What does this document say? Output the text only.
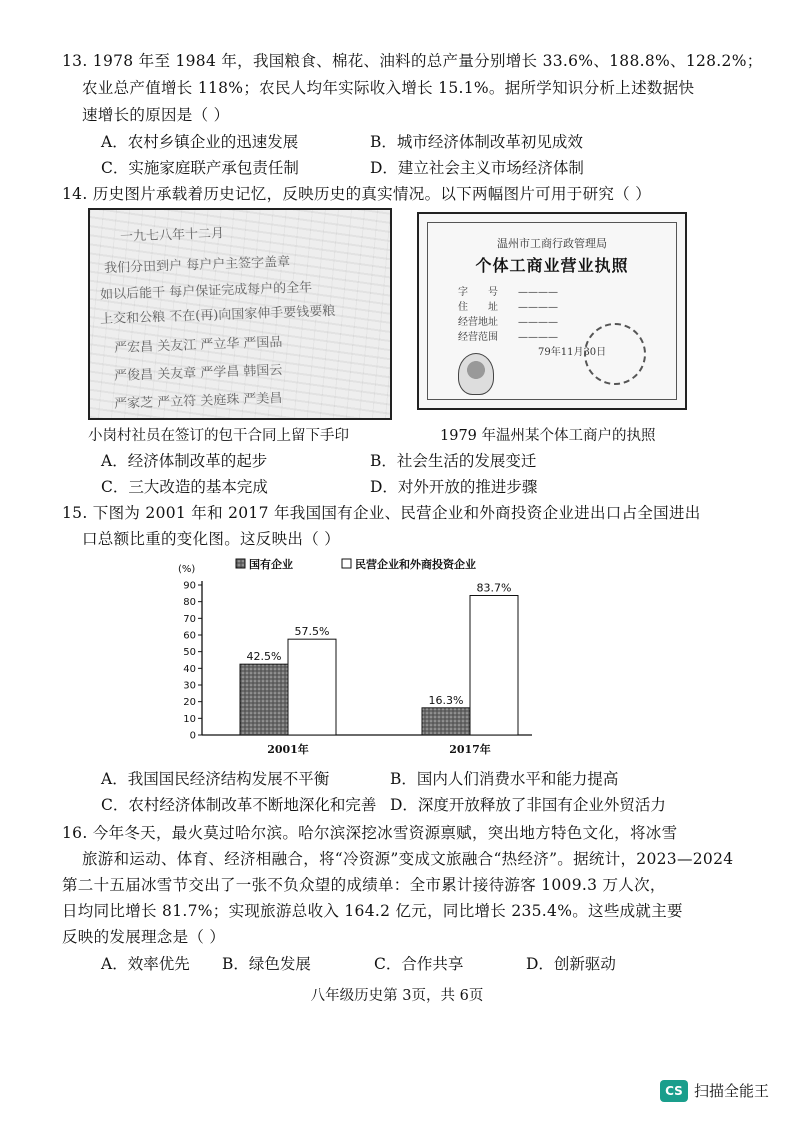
13. 1978 年至 1984 年，我国粮食、棉花、油料的总产量分别增长 33.6%、188.8%、128.2%；
农业总产值增长 118%；农民人均年实际收入增长 15.1%。据所学知识分析上述数据快
速增长的原因是（ ）
A．农村乡镇企业的迅速发展	B．城市经济体制改革初见成效
C．实施家庭联产承包责任制	D．建立社会主义市场经济体制
14. 历史图片承载着历史记忆，反映历史的真实情况。以下两幅图片可用于研究（ ）
一九七八年十二月
我们分田到户 每户户主签字盖章
如以后能干 每户保证完成每户的全年
上交和公粮 不在(再)向国家伸手要钱要粮
严宏昌 关友江 严立华 严国品
严俊昌 关友章 严学昌 韩国云
严家芝 严立符 关庭珠 严美昌
温州市工商行政管理局
个体工商业营业执照
字　　号　　————
住　　址　　————
经营地址　　————
经营范围　　————
79年11月30日
小岗村社员在签订的包干合同上留下手印	1979 年温州某个体工商户的执照
A．经济体制改革的起步	B．社会生活的发展变迁
C．三大改造的基本完成	D．对外开放的推进步骤
15. 下图为 2001 年和 2017 年我国国有企业、民营企业和外商投资企业进出口占全国进出
口总额比重的变化图。这反映出（ ）
国有企业	民营企业和外商投资企业
(%)
0
10
20
30
40
50
60
70
80
90
2001年	2017年
42.5%
57.5%
16.3%
83.7%
A．我国国民经济结构发展不平衡	B．国内人们消费水平和能力提高
C．农村经济体制改革不断地深化和完善 D．深度开放释放了非国有企业外贸活力
16. 今年冬天，最火莫过哈尔滨。哈尔滨深挖冰雪资源禀赋，突出地方特色文化，将冰雪
旅游和运动、体育、经济相融合，将“冷资源”变成文旅融合“热经济”。据统计，2023—2024
第二十五届冰雪节交出了一张不负众望的成绩单：全市累计接待游客 1009.3 万人次，
日均同比增长 81.7%；实现旅游总收入 164.2 亿元，同比增长 235.4%。这些成就主要
反映的发展理念是（ ）
A．效率优先 B．绿色发展	C．合作共享	D．创新驱动
八年级历史第 3页，共 6页
CS 扫描全能王
